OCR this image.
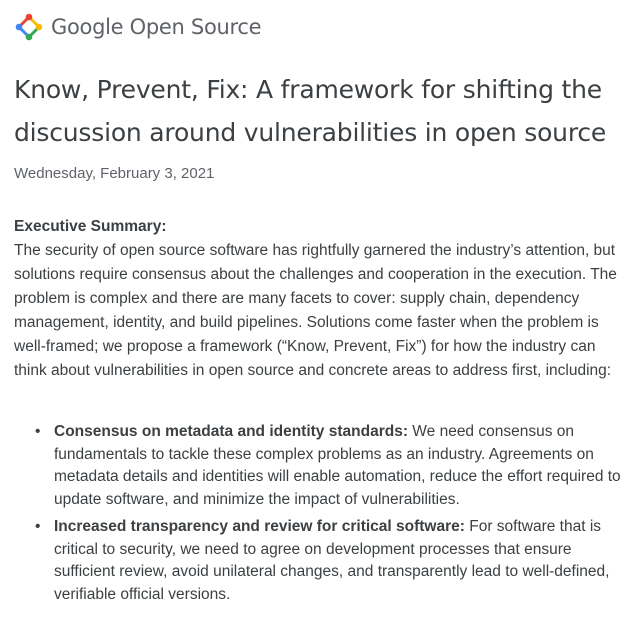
Google Open Source
Know, Prevent, Fix: A framework for shifting the discussion around vulnerabilities in open source

Wednesday, February 3, 2021

Executive Summary:

The security of open source software has rightfully garnered the industry’s attention, but solutions require consensus about the challenges and cooperation in the execution. The problem is complex and there are many facets to cover: supply chain, dependency management, identity, and build pipelines. Solutions come faster when the problem is well-framed; we propose a framework (“Know, Prevent, Fix”) for how the industry can think about vulnerabilities in open source and concrete areas to address first, including:

• Consensus on metadata and identity standards: We need consensus on fundamentals to tackle these complex problems as an industry. Agreements on metadata details and identities will enable automation, reduce the effort required to update software, and minimize the impact of vulnerabilities.
• Increased transparency and review for critical software: For software that is critical to security, we need to agree on development processes that ensure sufficient review, avoid unilateral changes, and transparently lead to well-defined, verifiable official versions.
